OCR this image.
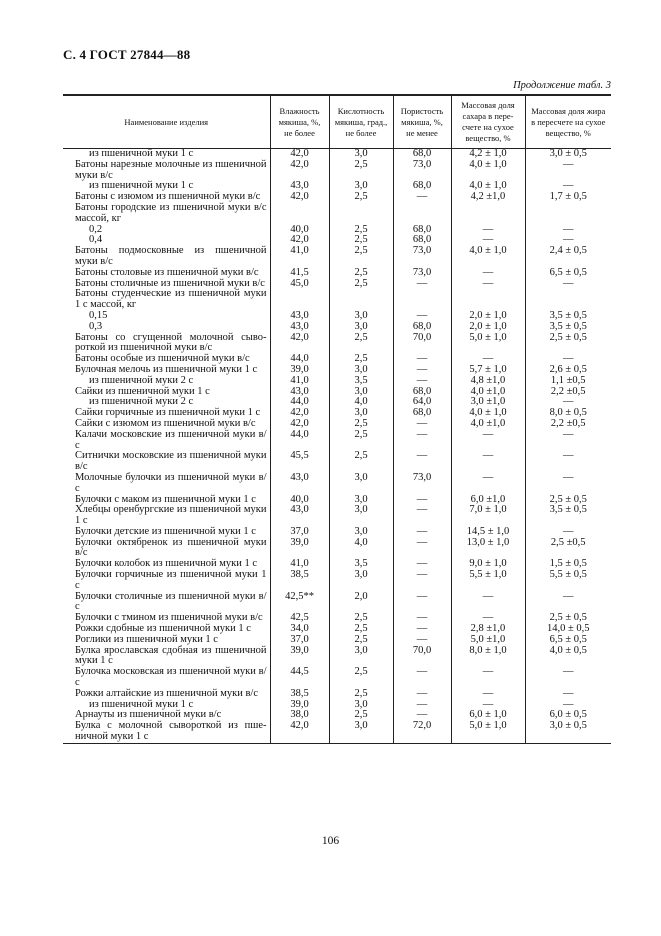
С. 4 ГОСТ 27844—88
Продолжение табл. 3
Наименование изделия	Влажность мякиша, %, не более	Кислотность мякиша, град., не более	Пористость мякиша, %, не менее	Массовая доля сахара в пересчете на сухое вещество, %	Массовая доля жира в пересчете на сухое вещество, %
из пшеничной муки 1 с	42,0	3,0	68,0	4,2 ± 1,0	3,0 ± 0,5
Батоны нарезные молочные из пшеничной муки в/с	42,0	2,5	73,0	4,0 ± 1,0	—
из пшеничной муки 1 с	43,0	3,0	68,0	4,0 ± 1,0	—
Батоны с изюмом из пшеничной муки в/с	42,0	2,5	—	4,2 ±1,0	1,7 ± 0,5
Батоны городские из пшеничной муки в/с массой, кг					
0,2	40,0	2,5	68,0	—	—
0,4	42,0	2,5	68,0	—	—
Батоны подмосковные из пшеничной муки в/с	41,0	2,5	73,0	4,0 ± 1,0	2,4 ± 0,5
Батоны столовые из пшеничной муки в/с	41,5	2,5	73,0	—	6,5 ± 0,5
Батоны столичные из пшеничной муки в/с	45,0	2,5	—	—	—
Батоны студенческие из пшеничной муки 1 с массой, кг					
0,15	43,0	3,0	—	2,0 ± 1,0	3,5 ± 0,5
0,3	43,0	3,0	68,0	2,0 ± 1,0	3,5 ± 0,5
Батоны со сгущенной молочной сывороткой из пшеничной муки в/с	42,0	2,5	70,0	5,0 ± 1,0	2,5 ± 0,5
Батоны особые из пшеничной муки в/с	44,0	2,5	—	—	—
Булочная мелочь из пшеничной муки 1 с	39,0	3,0	—	5,7 ± 1,0	2,6 ± 0,5
из пшеничной муки 2 с	41,0	3,5	—	4,8 ±1,0	1,1 ±0,5
Сайки из пшеничной муки 1 с	43,0	3,0	68,0	4,0 ±1,0	2,2 ±0,5
из пшеничной муки 2 с	44,0	4,0	64,0	3,0 ±1,0	—
Сайки горчичные из пшеничной муки 1 с	42,0	3,0	68,0	4,0 ± 1,0	8,0 ± 0,5
Сайки с изюмом из пшеничной муки в/с	42,0	2,5	—	4,0 ±1,0	2,2 ±0,5
Калачи московские из пшеничной муки в/с	44,0	2,5	—	—	—
Ситнички московские из пшеничной муки в/с	45,5	2,5	—	—	—
Молочные булочки из пшеничной муки в/с	43,0	3,0	73,0	—	—
Булочки с маком из пшеничной муки 1 с	40,0	3,0	—	6,0 ±1,0	2,5 ± 0,5
Хлебцы оренбургские из пшеничной муки 1 с	43,0	3,0	—	7,0 ± 1,0	3,5 ± 0,5
Булочки детские из пшеничной муки 1 с	37,0	3,0	—	14,5 ± 1,0	—
Булочки октябренок из пшеничной муки в/с	39,0	4,0	—	13,0 ± 1,0	2,5 ±0,5
Булочки колобок из пшеничной муки 1 с	41,0	3,5	—	9,0 ± 1,0	1,5 ± 0,5
Булочки горчичные из пшеничной муки 1 с	38,5	3,0	—	5,5 ± 1,0	5,5 ± 0,5
Булочки столичные из пшеничной муки в/с	42,5**	2,0	—	—	—
Булочки с тмином из пшеничной муки в/с	42,5	2,5	—	—	2,5 ± 0,5
Рожки сдобные из пшеничной муки 1 с	34,0	2,5	—	2,8 ±1,0	14,0 ± 0,5
Роглики из пшеничной муки 1 с	37,0	2,5	—	5,0 ±1,0	6,5 ± 0,5
Булка ярославская сдобная из пшеничной муки 1 с	39,0	3,0	70,0	8,0 ± 1,0	4,0 ± 0,5
Булочка московская из пшеничной муки в/с	44,5	2,5	—	—	—
Рожки алтайские из пшеничной муки в/с	38,5	2,5	—	—	—
из пшеничной муки 1 с	39,0	3,0	—	—	—
Арнауты из пшеничной муки в/с	38,0	2,5	—	6,0 ± 1,0	6,0 ± 0,5
Булка с молочной сывороткой из пшеничной муки 1 с	42,0	3,0	72,0	5,0 ± 1,0	3,0 ± 0,5
106
